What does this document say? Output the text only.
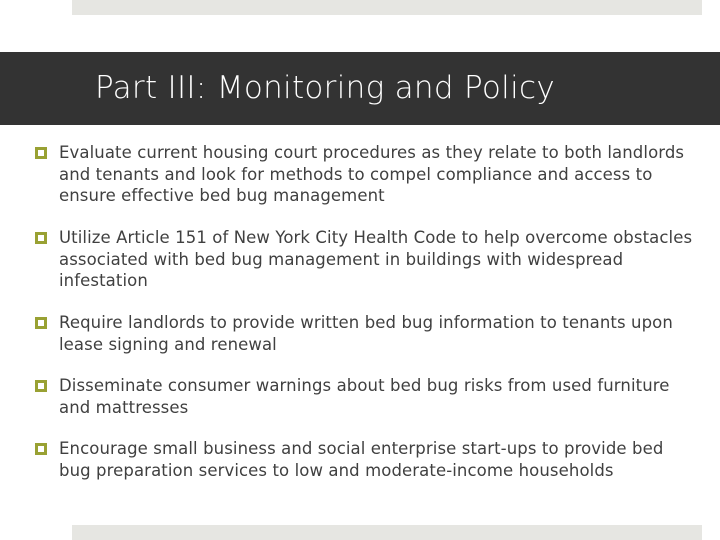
Part III: Monitoring and Policy
Evaluate current housing court procedures as they relate to both landlords and tenants and look for methods to compel compliance and access to ensure effective bed bug management
Utilize Article 151 of New York City Health Code to help overcome obstacles associated with bed bug management in buildings with widespread infestation
Require landlords to provide written bed bug information to tenants upon lease signing and renewal
Disseminate consumer warnings about bed bug risks from used furniture and mattresses
Encourage small business and social enterprise start-ups to provide bed bug preparation services to low and moderate-income households
